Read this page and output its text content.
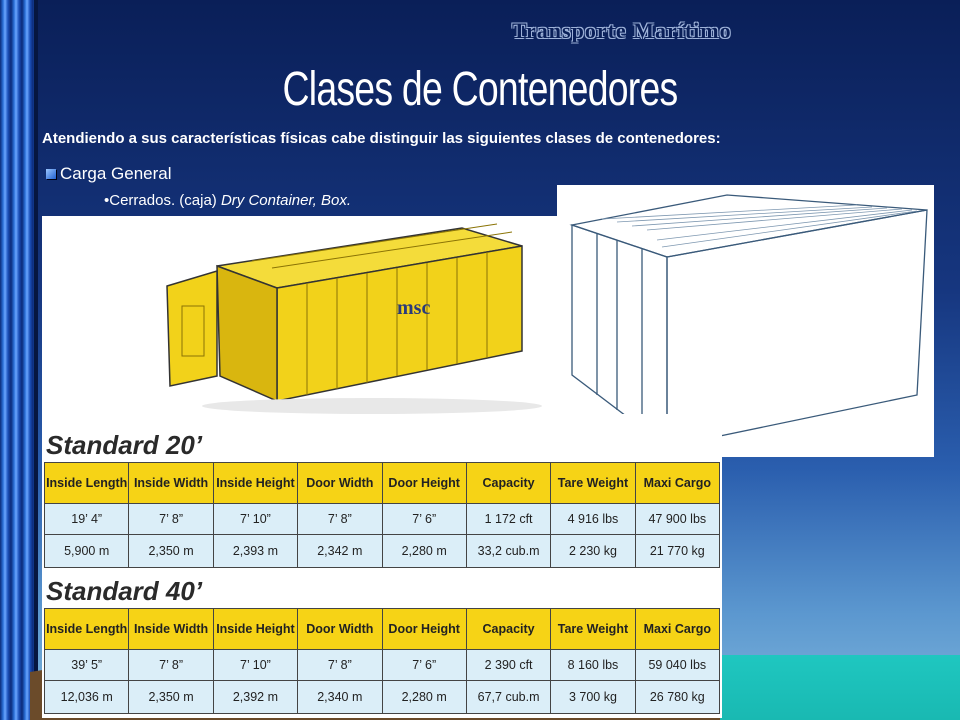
Transporte Marítimo
Clases de Contenedores
Atendiendo a sus características físicas cabe distinguir las siguientes clases de contenedores:
Carga General
•Cerrados. (caja) Dry Container, Box.
msc
Standard 20’
Inside Length	Inside Width	Inside Height	Door Width	Door Height	Capacity	Tare Weight	Maxi Cargo
19’ 4”	7’ 8”	7’ 10”	7’ 8”	7’ 6”	1 172 cft	4 916 lbs	47 900 lbs
5,900 m	2,350 m	2,393 m	2,342 m	2,280 m	33,2 cub.m	2 230 kg	21 770 kg
Standard 40’
Inside Length	Inside Width	Inside Height	Door Width	Door Height	Capacity	Tare Weight	Maxi Cargo
39’ 5”	7’ 8”	7’ 10”	7’ 8”	7’ 6”	2 390 cft	8 160 lbs	59 040 lbs
12,036 m	2,350 m	2,392 m	2,340 m	2,280 m	67,7 cub.m	3 700 kg	26 780 kg
